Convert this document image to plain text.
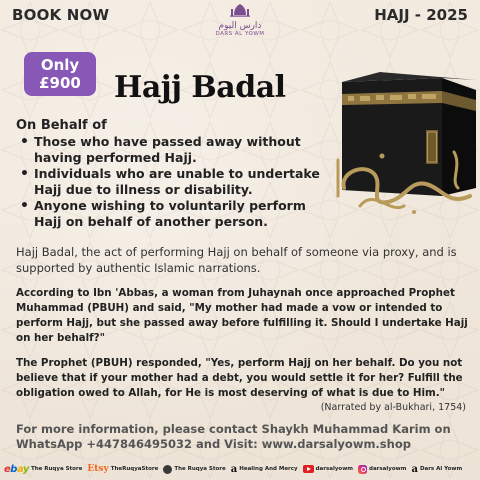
BOOK NOW
دارس اليوم
DARS AL YOWM
HAJJ - 2025
Only
£900	Hajj Badal
On Behalf of
• Those who have passed away without having performed Hajj.
• Individuals who are unable to undertake Hajj due to illness or disability.
• Anyone wishing to voluntarily perform Hajj on behalf of another person.

Hajj Badal, the act of performing Hajj on behalf of someone via proxy, and is supported by authentic Islamic narrations.

According to Ibn 'Abbas, a woman from Juhaynah once approached Prophet Muhammad (PBUH) and said, "My mother had made a vow or intended to perform Hajj, but she passed away before fulfilling it. Should I undertake Hajj on her behalf?"

The Prophet (PBUH) responded, "Yes, perform Hajj on her behalf. Do you not believe that if your mother had a debt, you would settle it for her? Fulfill the obligation owed to Allah, for He is most deserving of what is due to Him."

(Narrated by al-Bukhari, 1754)

For more information, please contact Shaykh Muhammad Karim on WhatsApp +447846495032 and Visit: www.darsalyowm.shop

ebay The Ruqya Store Etsy TheRuqyaStore	The Ruqya Store a Healing And Mercy	darsalyowm	darsalyowm a Dars Al Yowm
